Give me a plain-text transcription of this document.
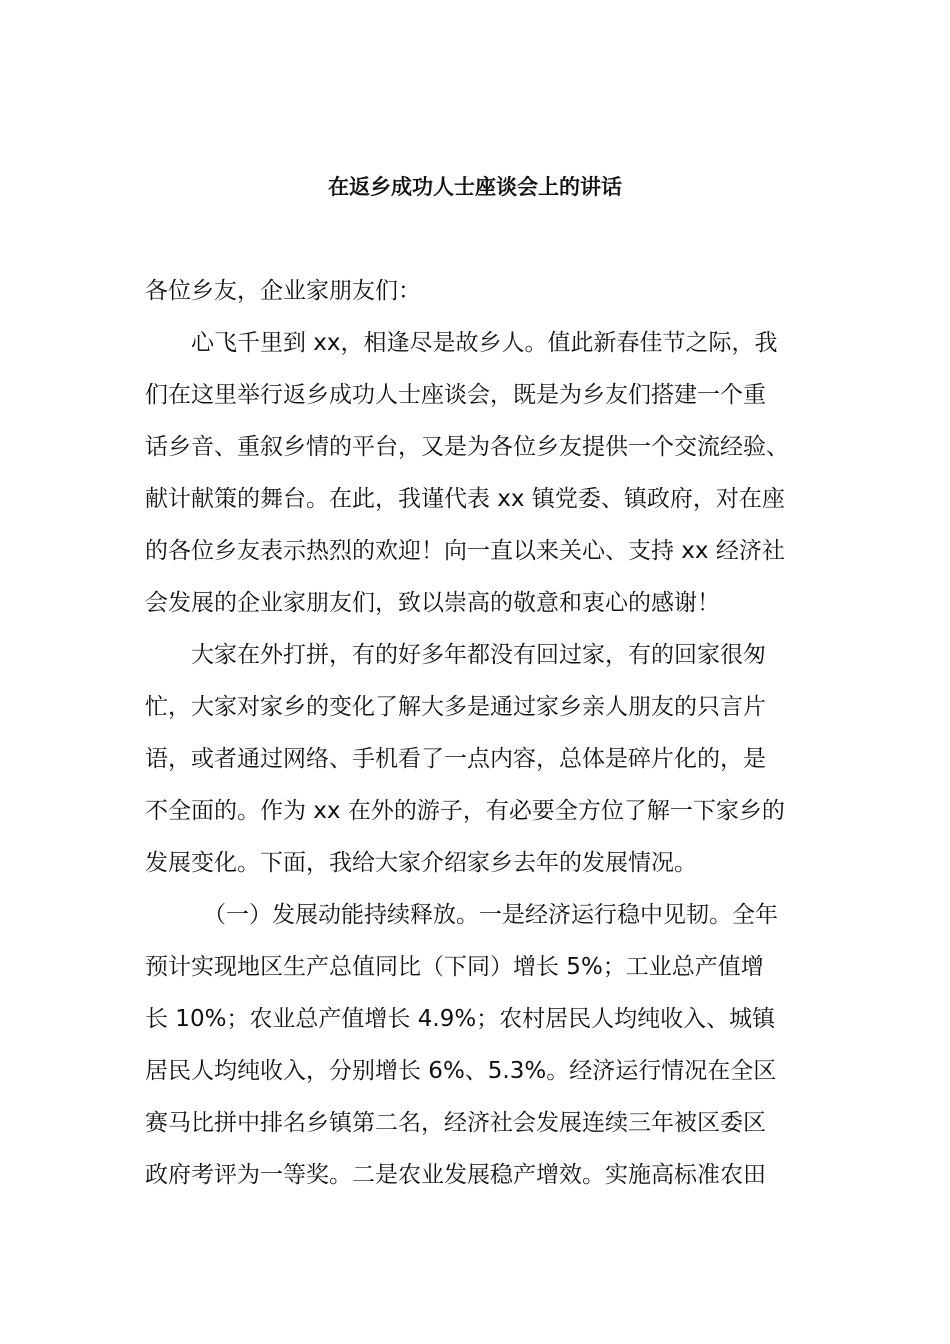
在返乡成功人士座谈会上的讲话
各位乡友，企业家朋友们：
心飞千里到 xx，相逢尽是故乡人。值此新春佳节之际，我
们在这里举行返乡成功人士座谈会，既是为乡友们搭建一个重
话乡音、重叙乡情的平台，又是为各位乡友提供一个交流经验、
献计献策的舞台。在此，我谨代表 xx 镇党委、镇政府，对在座
的各位乡友表示热烈的欢迎！向一直以来关心、支持 xx 经济社
会发展的企业家朋友们，致以崇高的敬意和衷心的感谢！
大家在外打拼，有的好多年都没有回过家，有的回家很匆
忙，大家对家乡的变化了解大多是通过家乡亲人朋友的只言片
语，或者通过网络、手机看了一点内容，总体是碎片化的，是
不全面的。作为 xx 在外的游子，有必要全方位了解一下家乡的
发展变化。下面，我给大家介绍家乡去年的发展情况。
（一）发展动能持续释放。一是经济运行稳中见韧。全年
预计实现地区生产总值同比（下同）增长 5%；工业总产值增
长 10%；农业总产值增长 4.9%；农村居民人均纯收入、城镇
居民人均纯收入，分别增长 6%、5.3%。经济运行情况在全区
赛马比拼中排名乡镇第二名，经济社会发展连续三年被区委区
政府考评为一等奖。二是农业发展稳产增效。实施高标准农田
